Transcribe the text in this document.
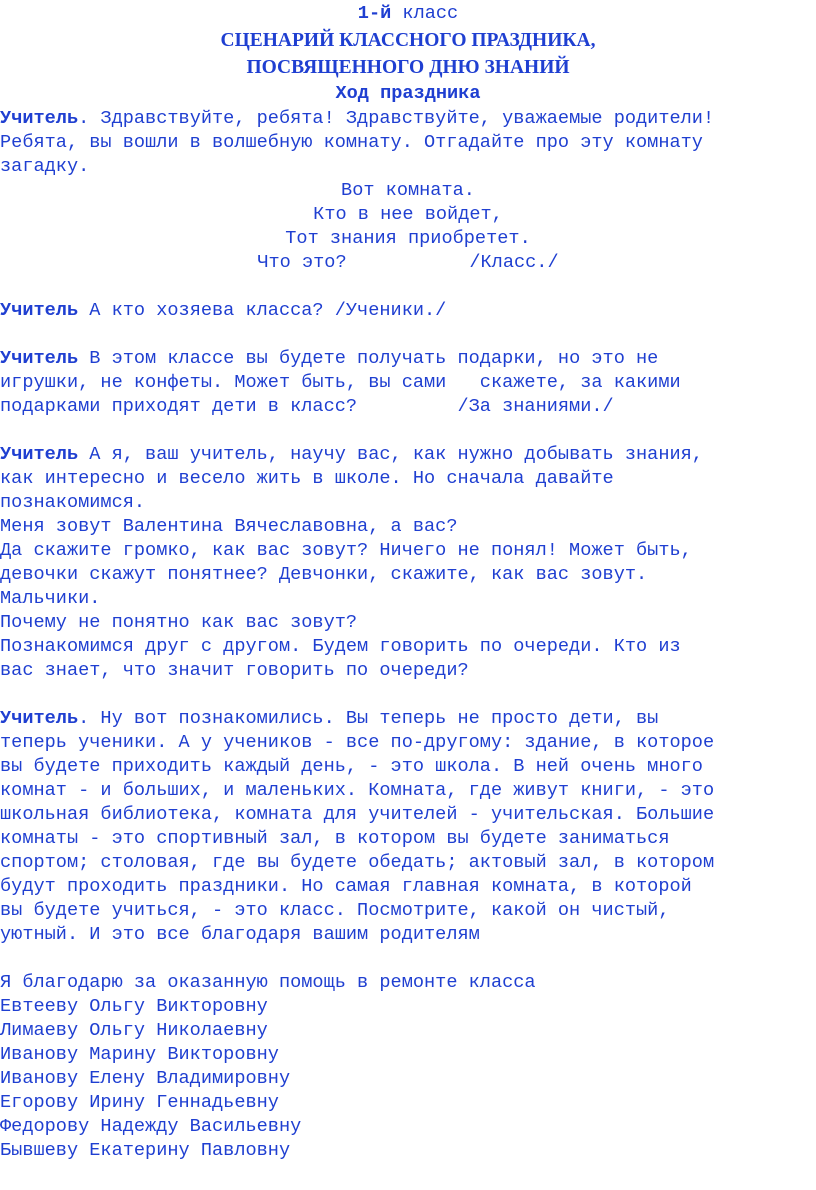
1-й класс
СЦЕНАРИЙ КЛАССНОГО ПРАЗДНИКА,
ПОСВЯЩЕННОГО ДНЮ ЗНАНИЙ
Ход праздника
Учитель. Здравствуйте, ребята! Здравствуйте, уважаемые родители!
Ребята, вы вошли в волшебную комнату. Отгадайте про эту комнату
загадку.
Вот комната.
Кто в нее войдет,
Тот знания приобретет.
Что это?           /Класс./
Учитель А кто хозяева класса? /Ученики./
Учитель В этом классе вы будете получать подарки, но это не
игрушки, не конфеты. Может быть, вы сами   скажете, за какими
подарками приходят дети в класс?         /За знаниями./
Учитель А я, ваш учитель, научу вас, как нужно добывать знания,
как интересно и весело жить в школе. Но сначала давайте
познакомимся.
Меня зовут Валентина Вячеславовна, а вас?
Да скажите громко, как вас зовут? Ничего не понял! Может быть,
девочки скажут понятнее? Девчонки, скажите, как вас зовут.
Мальчики.
Почему не понятно как вас зовут?
Познакомимся друг с другом. Будем говорить по очереди. Кто из
вас знает, что значит говорить по очереди?
Учитель. Ну вот познакомились. Вы теперь не просто дети, вы
теперь ученики. А у учеников - все по-другому: здание, в которое
вы будете приходить каждый день, - это школа. В ней очень много
комнат - и больших, и маленьких. Комната, где живут книги, - это
школьная библиотека, комната для учителей - учительская. Большие
комнаты - это спортивный зал, в котором вы будете заниматься
спортом; столовая, где вы будете обедать; актовый зал, в котором
будут проходить праздники. Но самая главная комната, в которой
вы будете учиться, - это класс. Посмотрите, какой он чистый,
уютный. И это все благодаря вашим родителям
Я благодарю за оказанную помощь в ремонте класса
Евтееву Ольгу Викторовну
Лимаеву Ольгу Николаевну
Иванову Марину Викторовну
Иванову Елену Владимировну
Егорову Ирину Геннадьевну
Федорову Надежду Васильевну
Бывшеву Екатерину Павловну
